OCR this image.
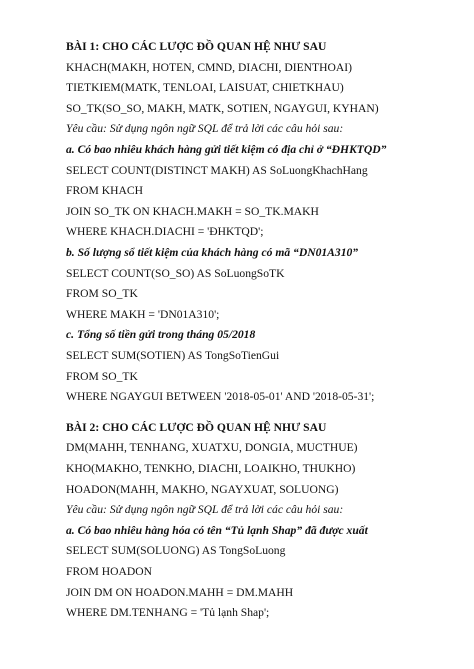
BÀI 1: CHO CÁC LƯỢC ĐỒ QUAN HỆ NHƯ SAU
KHACH(MAKH, HOTEN, CMND, DIACHI, DIENTHOAI)
TIETKIEM(MATK, TENLOAI, LAISUAT, CHIETKHAU)
SO_TK(SO_SO, MAKH, MATK, SOTIEN, NGAYGUI, KYHAN)
Yêu cầu: Sử dụng ngôn ngữ SQL để trả lời các câu hỏi sau:
a. Có bao nhiêu khách hàng gửi tiết kiệm có địa chỉ ở “ĐHKTQD”
SELECT COUNT(DISTINCT MAKH) AS SoLuongKhachHang
FROM KHACH
JOIN SO_TK ON KHACH.MAKH = SO_TK.MAKH
WHERE KHACH.DIACHI = 'ĐHKTQD';
b. Số lượng sổ tiết kiệm của khách hàng có mã “DN01A310”
SELECT COUNT(SO_SO) AS SoLuongSoTK
FROM SO_TK
WHERE MAKH = 'DN01A310';
c. Tổng số tiền gửi trong tháng 05/2018
SELECT SUM(SOTIEN) AS TongSoTienGui
FROM SO_TK
WHERE NGAYGUI BETWEEN '2018-05-01' AND '2018-05-31';
BÀI 2: CHO CÁC LƯỢC ĐỒ QUAN HỆ NHƯ SAU
DM(MAHH, TENHANG, XUATXU, DONGIA, MUCTHUE)
KHO(MAKHO, TENKHO, DIACHI, LOAIKHO, THUKHO)
HOADON(MAHH, MAKHO, NGAYXUAT, SOLUONG)
Yêu cầu: Sử dụng ngôn ngữ SQL để trả lời các câu hỏi sau:
a. Có bao nhiêu hàng hóa có tên “Tủ lạnh Shap” đã được xuất
SELECT SUM(SOLUONG) AS TongSoLuong
FROM HOADON
JOIN DM ON HOADON.MAHH = DM.MAHH
WHERE DM.TENHANG = 'Tủ lạnh Shap';
